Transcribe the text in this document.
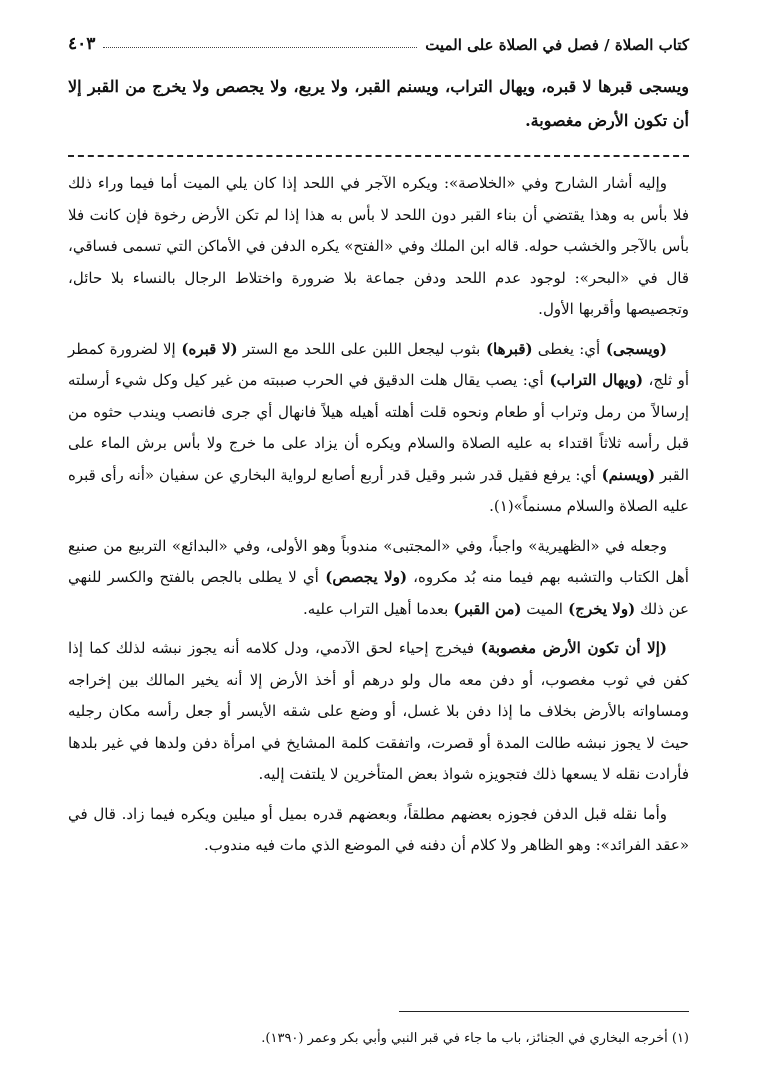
كتاب الصلاة / فصل في الصلاة على الميت
٤٠٣
ويسجى قبرها لا قبره، ويهال التراب، ويسنم القبر، ولا يربع، ولا يجصص ولا يخرج من القبر إلا أن تكون الأرض مغصوبة.

وإليه أشار الشارح وفي «الخلاصة»: ويكره الآجر في اللحد إذا كان يلي الميت أما فيما وراء ذلك فلا بأس به وهذا يقتضي أن بناء القبر دون اللحد لا بأس به هذا إذا لم تكن الأرض رخوة فإن كانت فلا بأس بالآجر والخشب حوله. قاله ابن الملك وفي «الفتح» يكره الدفن في الأماكن التي تسمى فساقي، قال في «البحر»: لوجود عدم اللحد ودفن جماعة بلا ضرورة واختلاط الرجال بالنساء بلا حائل، وتجصيصها وأقربها الأول.

(ويسجى) أي: يغطى (قبرها) بثوب ليجعل اللبن على اللحد مع الستر (لا قبره) إلا لضرورة كمطر أو ثلج، (ويهال التراب) أي: يصب يقال هلت الدقيق في الحرب صببته من غير كيل وكل شيء أرسلته إرسالاً من رمل وتراب أو طعام ونحوه قلت أهلته أهيله هيلاً فانهال أي جرى فانصب ويندب حثوه من قبل رأسه ثلاثاً اقتداء به عليه الصلاة والسلام ويكره أن يزاد على ما خرج ولا بأس برش الماء على القبر (ويسنم) أي: يرفع فقيل قدر شبر وقيل قدر أربع أصابع لرواية البخاري عن سفيان «أنه رأى قبره عليه الصلاة والسلام مسنماً»(١).

وجعله في «الظهيرية» واجباً، وفي «المجتبى» مندوباً وهو الأولى، وفي «البدائع» التربيع من صنيع أهل الكتاب والتشبه بهم فيما منه بُد مكروه، (ولا يجصص) أي لا يطلى بالجص بالفتح والكسر للنهي عن ذلك (ولا يخرج) الميت (من القبر) بعدما أهيل التراب عليه.

(إلا أن تكون الأرض مغصوبة) فيخرج إحياء لحق الآدمي، ودل كلامه أنه يجوز نبشه لذلك كما إذا كفن في ثوب مغصوب، أو دفن معه مال ولو درهم أو أخذ الأرض إلا أنه يخير المالك بين إخراجه ومساواته بالأرض بخلاف ما إذا دفن بلا غسل، أو وضع على شقه الأيسر أو جعل رأسه مكان رجليه حيث لا يجوز نبشه طالت المدة أو قصرت، واتفقت كلمة المشايخ في امرأة دفن ولدها في غير بلدها فأرادت نقله لا يسعها ذلك فتجويزه شواذ بعض المتأخرين لا يلتفت إليه.

وأما نقله قبل الدفن فجوزه بعضهم مطلقاً، وبعضهم قدره بميل أو ميلين ويكره فيما زاد. قال في «عقد الفرائد»: وهو الظاهر ولا كلام أن دفنه في الموضع الذي مات فيه مندوب.

(١) أخرجه البخاري في الجنائز، باب ما جاء في قبر النبي وأبي بكر وعمر (١٣٩٠).
